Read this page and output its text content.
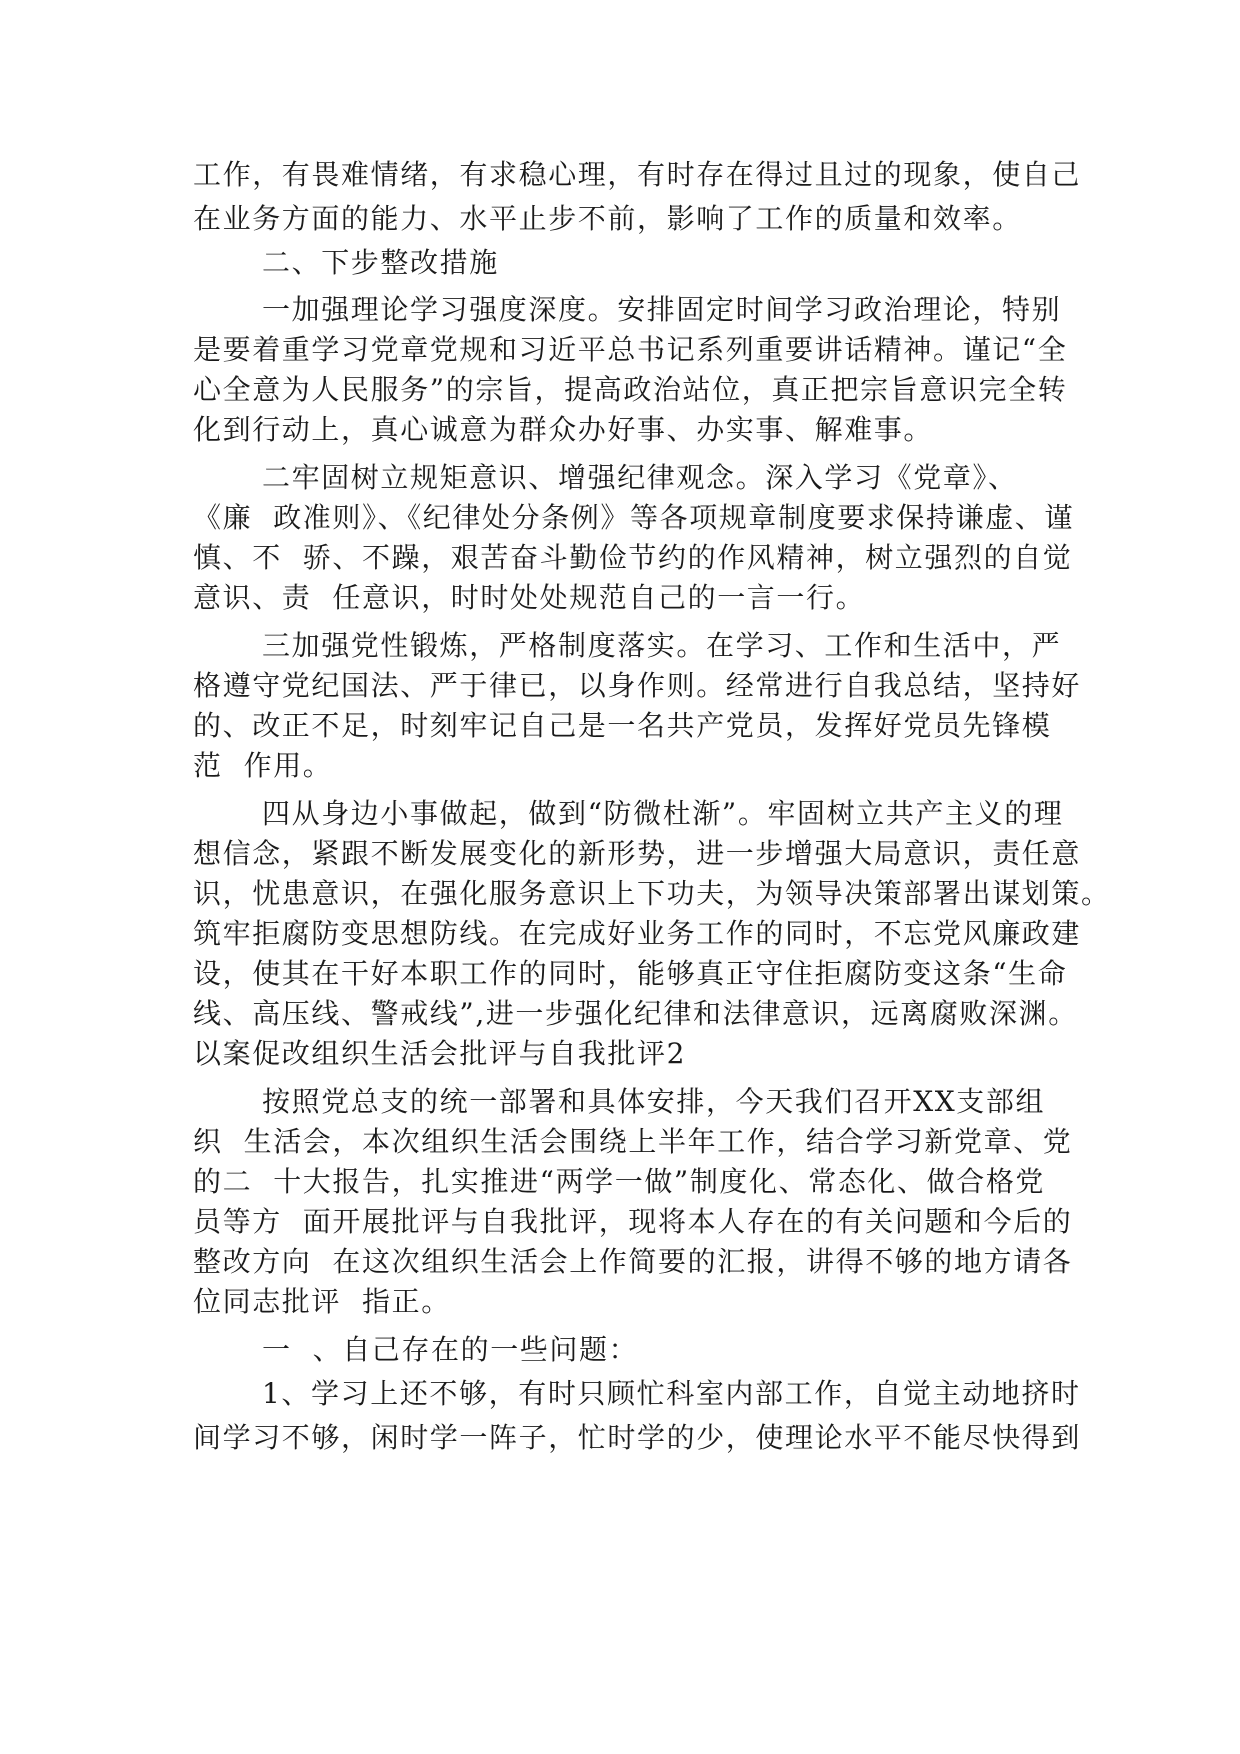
工作，有畏难情绪，有求稳心理，有时存在得过且过的现象，使自己
在业务方面的能力、水平止步不前，影响了工作的质量和效率。
二、下步整改措施
一加强理论学习强度深度。安排固定时间学习政治理论，特别
是要着重学习党章党规和习近平总书记系列重要讲话精神。谨记“全
心全意为人民服务”的宗旨，提高政治站位，真正把宗旨意识完全转
化到行动上，真心诚意为群众办好事、办实事、解难事。
二牢固树立规矩意识、增强纪律观念。深入学习《党章》、
《廉  政准则》、《纪律处分条例》等各项规章制度要求保持谦虚、谨
慎、不  骄、不躁，艰苦奋斗勤俭节约的作风精神，树立强烈的自觉
意识、责  任意识，时时处处规范自己的一言一行。
三加强党性锻炼，严格制度落实。在学习、工作和生活中，严
格遵守党纪国法、严于律已，以身作则。经常进行自我总结，坚持好
的、改正不足，时刻牢记自己是一名共产党员，发挥好党员先锋模
范  作用。
四从身边小事做起，做到“防微杜渐”。牢固树立共产主义的理
想信念，紧跟不断发展变化的新形势，进一步增强大局意识，责任意
识，忧患意识，在强化服务意识上下功夫，为领导决策部署出谋划策。
筑牢拒腐防变思想防线。在完成好业务工作的同时，不忘党风廉政建
设，使其在干好本职工作的同时，能够真正守住拒腐防变这条“生命
线、高压线、警戒线”,进一步强化纪律和法律意识，远离腐败深渊。
以案促改组织生活会批评与自我批评2
按照党总支的统一部署和具体安排，今天我们召开XX支部组
织  生活会，本次组织生活会围绕上半年工作，结合学习新党章、党
的二  十大报告，扎实推进“两学一做”制度化、常态化、做合格党
员等方  面开展批评与自我批评，现将本人存在的有关问题和今后的
整改方向  在这次组织生活会上作简要的汇报，讲得不够的地方请各
位同志批评  指正。
一  、自己存在的一些问题：
1、学习上还不够，有时只顾忙科室内部工作，自觉主动地挤时
间学习不够，闲时学一阵子，忙时学的少，使理论水平不能尽快得到
